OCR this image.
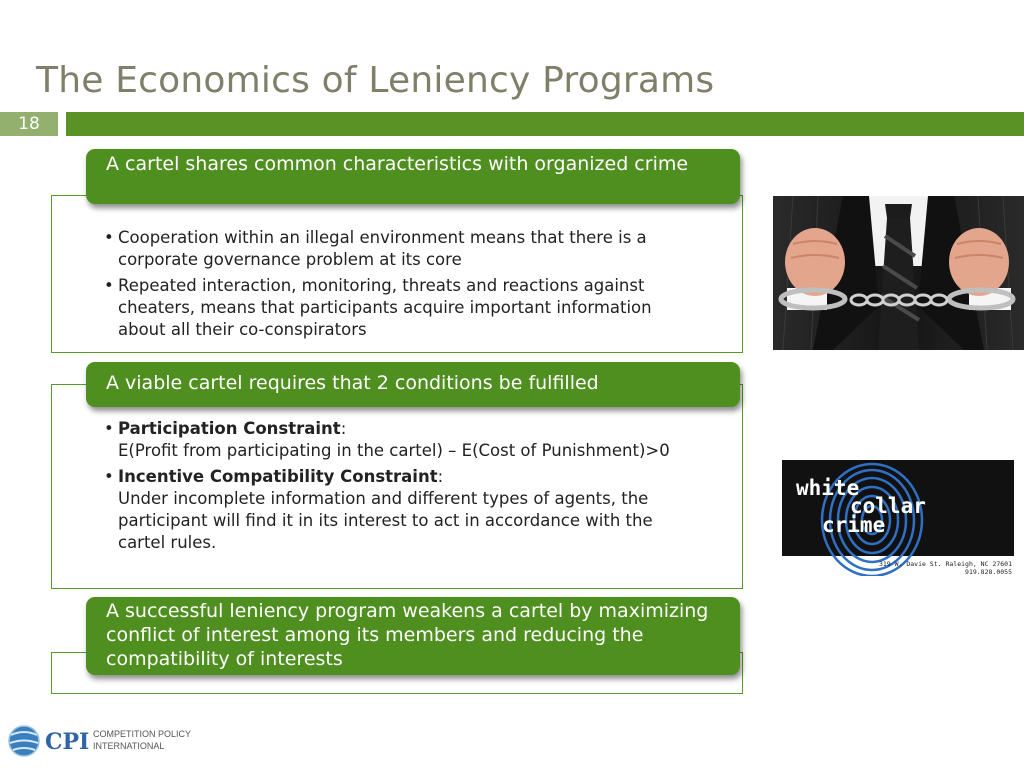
The Economics of Leniency Programs
18
A cartel shares common characteristics with organized crime
• Cooperation within an illegal environment means that there is a corporate governance problem at its core
• Repeated interaction, monitoring, threats and reactions against cheaters, means that participants acquire important information about all their co-conspirators
A viable cartel requires that 2 conditions be fulfilled
• Participation Constraint:
E(Profit from participating in the cartel) – E(Cost of Punishment)>0
• Incentive Compatibility Constraint:
Under incomplete information and different types of agents, the participant will find it in its interest to act in accordance with the cartel rules.
A successful leniency program weakens a cartel by maximizing conflict of interest among its members and reducing the compatibility of interests
white
collar
crime
319 W. Davie St. Raleigh, NC 27601
919.828.0055
CPI COMPETITION POLICY
INTERNATIONAL
